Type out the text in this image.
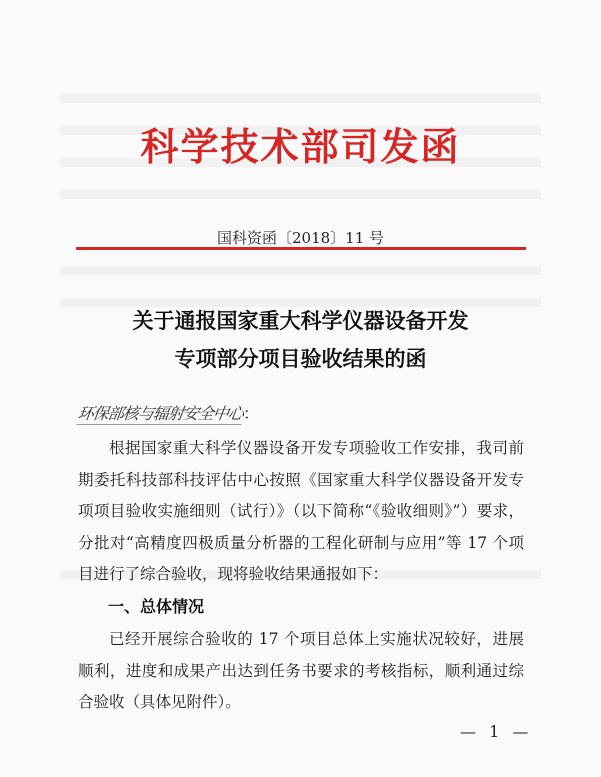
科学技术部司发函
国科资函〔2018〕11 号
关于通报国家重大科学仪器设备开发
专项部分项目验收结果的函
环保部核与辐射安全中心：
根据国家重大科学仪器设备开发专项验收工作安排，我司前期委托科技部科技评估中心按照《国家重大科学仪器设备开发专项项目验收实施细则（试行）》（以下简称“《验收细则》”）要求，分批对“高精度四极质量分析器的工程化研制与应用”等 17 个项目进行了综合验收，现将验收结果通报如下：
一、总体情况
已经开展综合验收的 17 个项目总体上实施状况较好，进展顺利，进度和成果产出达到任务书要求的考核指标，顺利通过综合验收（具体见附件）。
— 1 —
